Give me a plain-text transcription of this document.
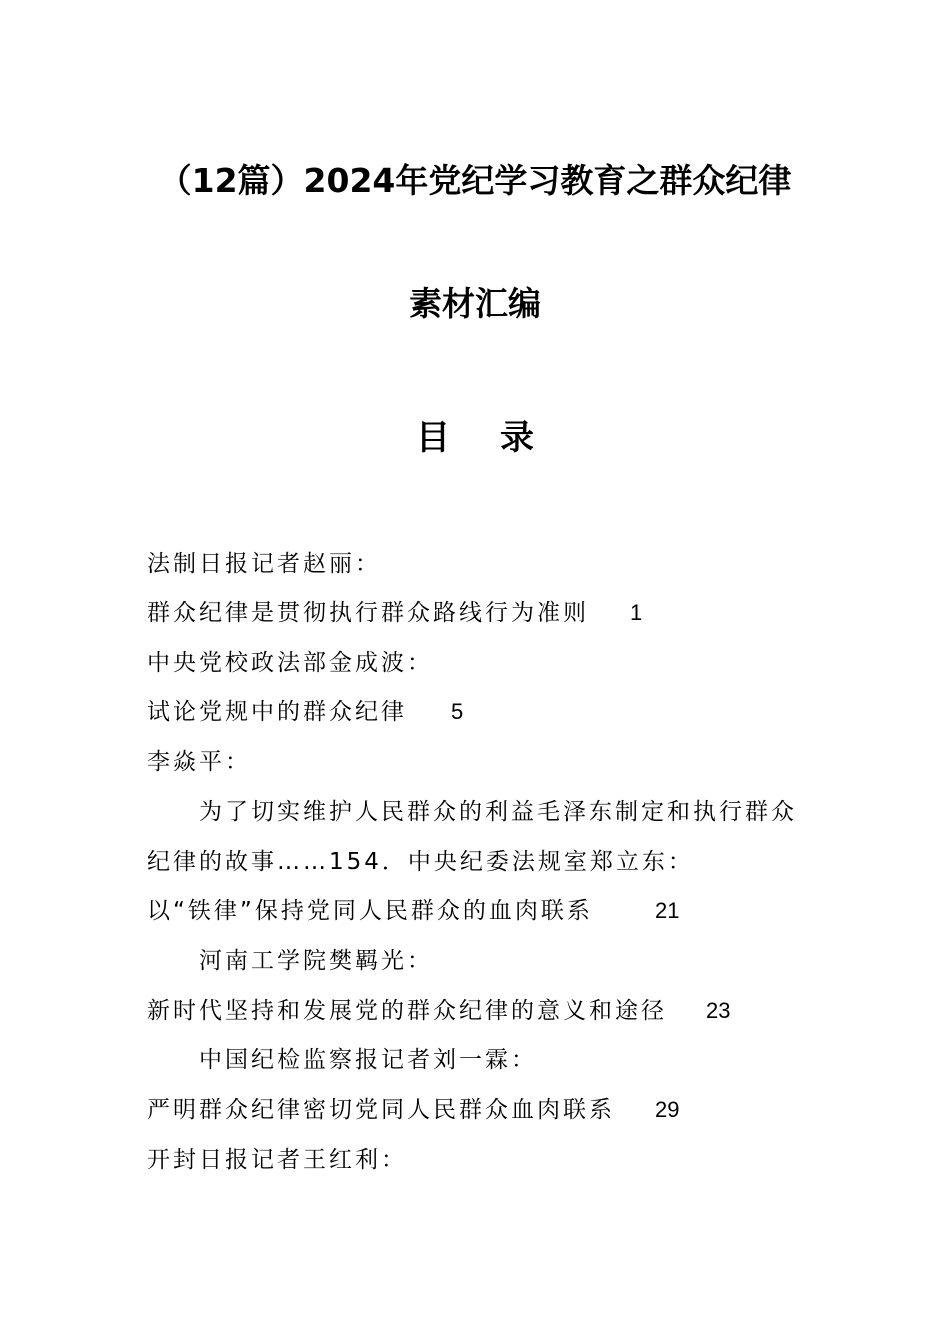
（12篇）2024年党纪学习教育之群众纪律
素材汇编
目 录
法制日报记者赵丽：
群众纪律是贯彻执行群众路线行为准则 1
中央党校政法部金成波：
试论党规中的群众纪律 5
李焱平：
为了切实维护人民群众的利益毛泽东制定和执行群众
纪律的故事……154．中央纪委法规室郑立东：
以“铁律”保持党同人民群众的血肉联系	21
河南工学院樊羁光：
新时代坚持和发展党的群众纪律的意义和途径 23
中国纪检监察报记者刘一霖：
严明群众纪律密切党同人民群众血肉联系 29
开封日报记者王红利：
